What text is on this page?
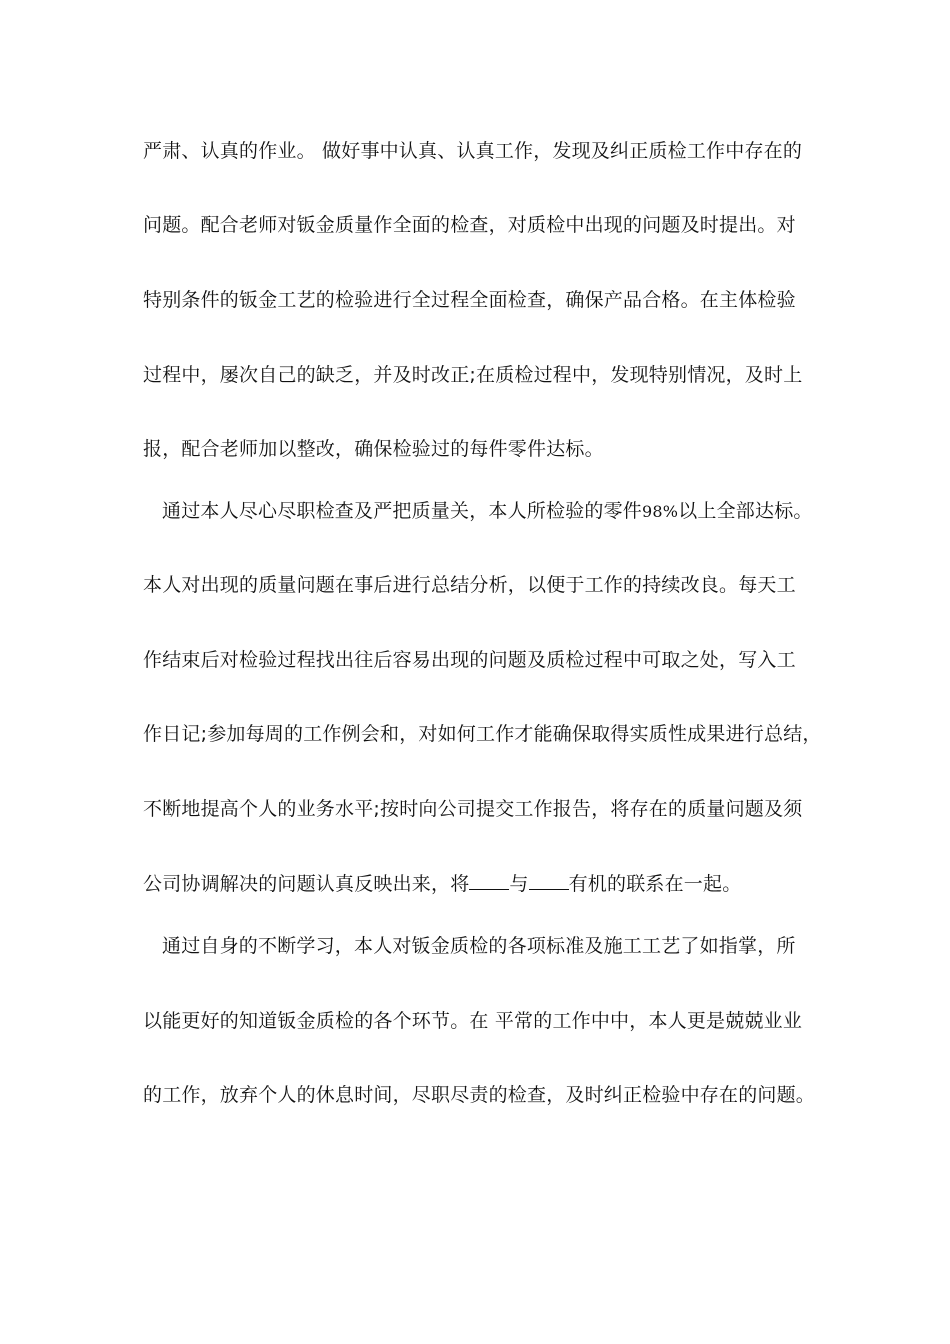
严肃、认真的作业。 做好事中认真、认真工作，发现及纠正质检工作中存在的
问题。配合老师对钣金质量作全面的检查，对质检中出现的问题及时提出。对
特别条件的钣金工艺的检验进行全过程全面检查，确保产品合格。在主体检验
过程中，屡次自己的缺乏，并及时改正;在质检过程中，发现特别情况，及时上
报，配合老师加以整改，确保检验过的每件零件达标。
通过本人尽心尽职检查及严把质量关，本人所检验的零件98%以上全部达标。
本人对出现的质量问题在事后进行总结分析，以便于工作的持续改良。每天工
作结束后对检验过程找出往后容易出现的问题及质检过程中可取之处，写入工
作日记;参加每周的工作例会和，对如何工作才能确保取得实质性成果进行总结，
不断地提高个人的业务水平;按时向公司提交工作报告，将存在的质量问题及须
公司协调解决的问题认真反映出来，将 与 有机的联系在一起。
通过自身的不断学习，本人对钣金质检的各项标准及施工工艺了如指掌，所
以能更好的知道钣金质检的各个环节。在 平常的工作中中，本人更是兢兢业业
的工作，放弃个人的休息时间，尽职尽责的检查，及时纠正检验中存在的问题。
